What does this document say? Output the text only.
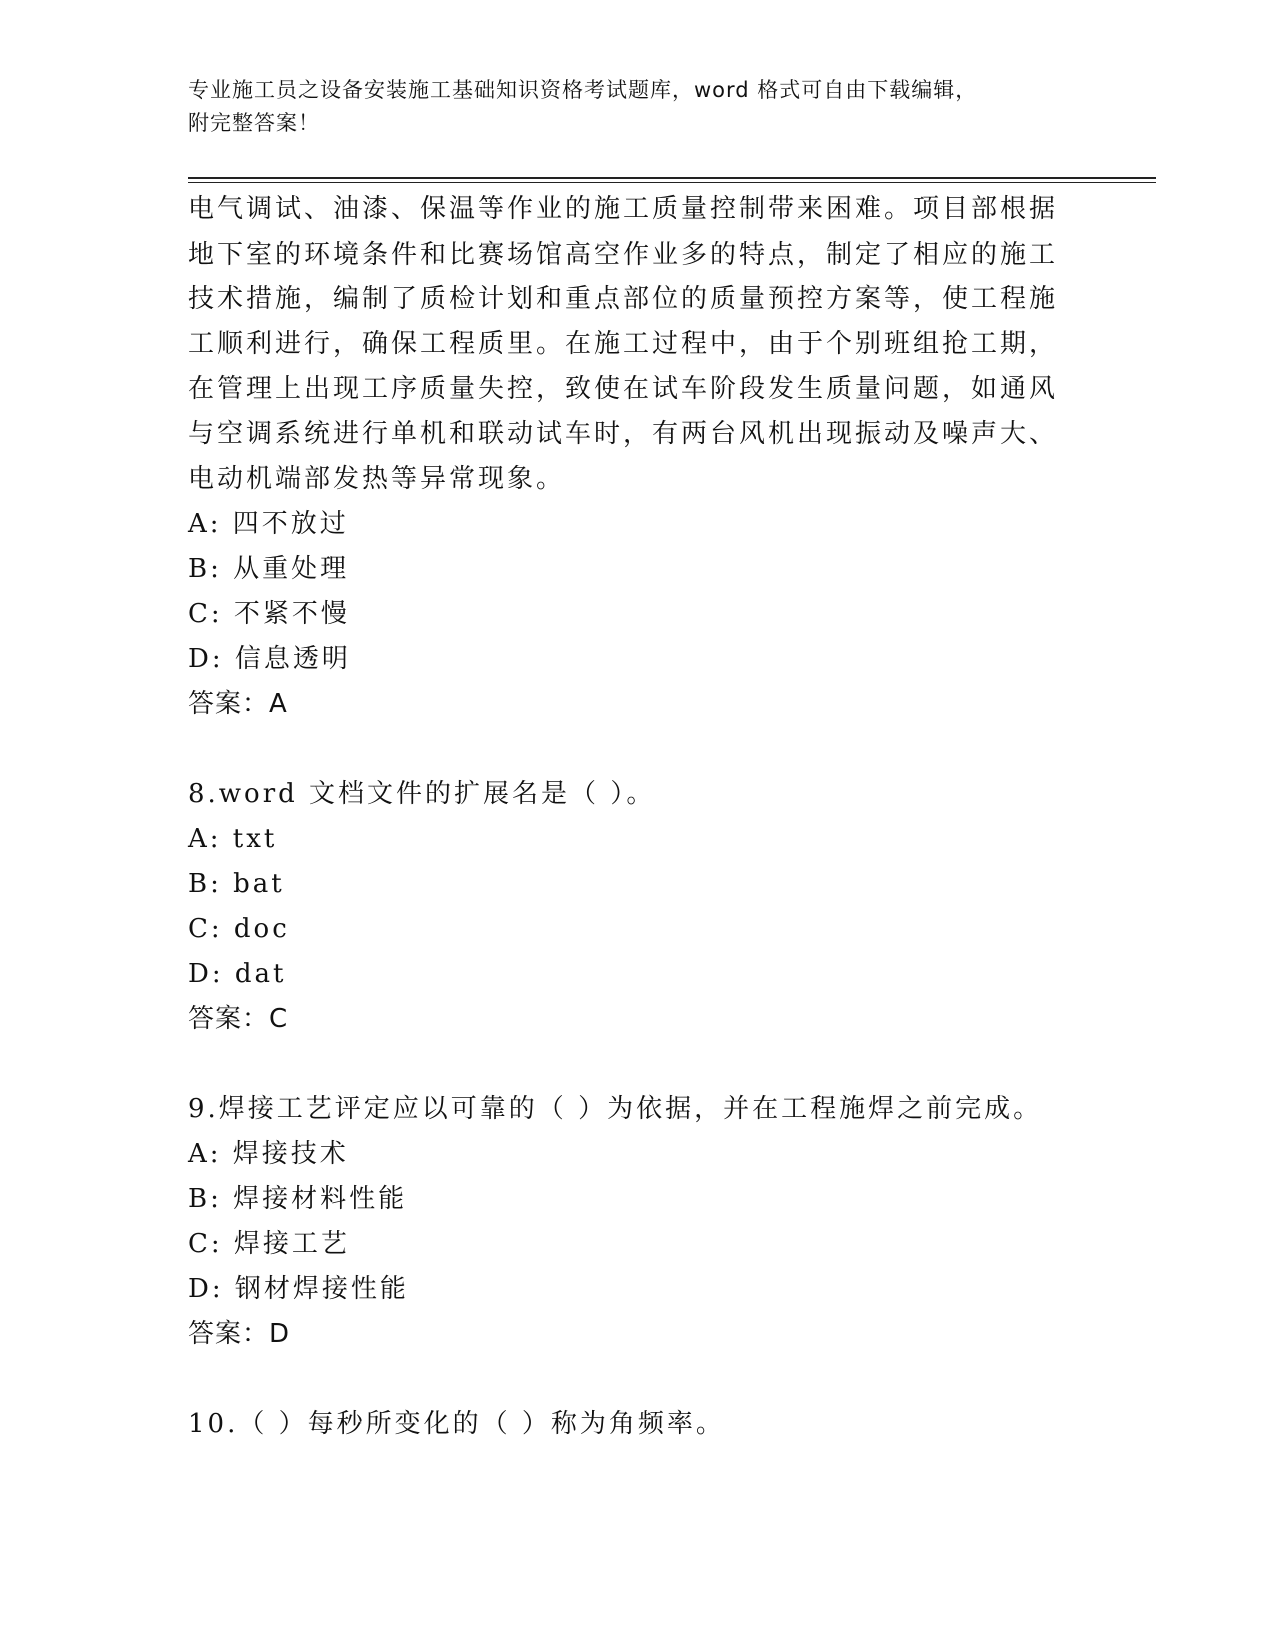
专业施工员之设备安装施工基础知识资格考试题库，word 格式可自由下载编辑，
附完整答案！
电气调试、油漆、保温等作业的施工质量控制带来困难。项目部根据
地下室的环境条件和比赛场馆高空作业多的特点，制定了相应的施工
技术措施，编制了质检计划和重点部位的质量预控方案等，使工程施
工顺利进行，确保工程质里。在施工过程中，由于个别班组抢工期，
在管理上出现工序质量失控，致使在试车阶段发生质量问题，如通风
与空调系统进行单机和联动试车时，有两台风机出现振动及噪声大、
电动机端部发热等异常现象。
A: 四不放过
B: 从重处理
C: 不紧不慢
D: 信息透明
答案：A
8.word 文档文件的扩展名是（ ）。
A: txt
B: bat
C: doc
D: dat
答案：C
9.焊接工艺评定应以可靠的（ ）为依据，并在工程施焊之前完成。
A: 焊接技术
B: 焊接材料性能
C: 焊接工艺
D: 钢材焊接性能
答案：D
10.（ ）每秒所变化的（ ）称为角频率。
